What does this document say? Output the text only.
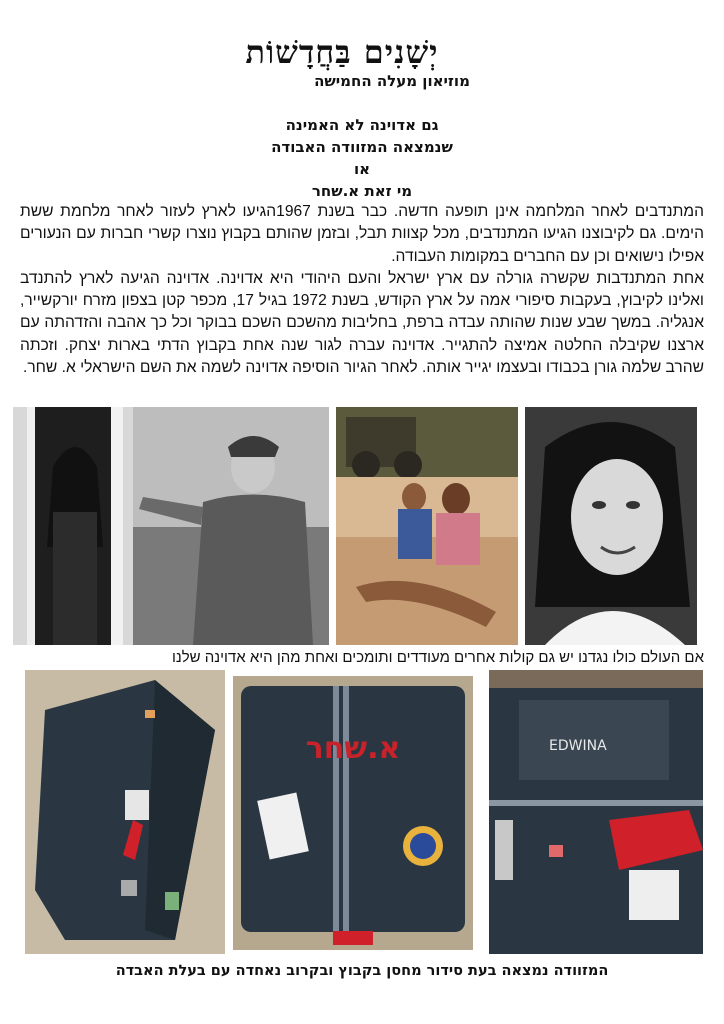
יְשָׁנִים בַּחֲדָשׁוֹת
מוזיאון מעלה החמישה
גם אדוינה לא האמינה
שנמצאה המזוודה האבודה
או
מי זאת א.שחר

המתנדבים לאחר המלחמה אינן תופעה חדשה. כבר בשנת 1967הגיעו לארץ לעזור לאחר מלחמת ששת הימים. גם לקיבוצנו הגיעו המתנדבים, מכל קצוות תבל, ובזמן שהותם בקבוץ נוצרו קשרי חברות עם הנעורים אפילו נישואים וכן עם החברים במקומות העבודה.

אחת המתנדבות שקשרה גורלה עם ארץ ישראל והעם היהודי היא אדוינה. אדוינה הגיעה לארץ להתנדב ואלינו לקיבוץ, בעקבות סיפורי אמה על ארץ הקודש, בשנת 1972 בגיל 17, מכפר קטן בצפון מזרח יורקשייר, אנגליה. במשך שבע שנות שהותה עבדה ברפת, בחליבות מהשכם השכם בבוקר וכל כך אהבה והזדהתה עם ארצנו שקיבלה החלטה אמיצה להתגייר. אדוינה עברה לגור שנה אחת בקבוץ הדתי בארות יצחק. וזכתה שהרב שלמה גורן בכבודו ובעצמו יגייר אותה. לאחר הגיור הוסיפה אדוינה לשמה את השם הישראלי א. שחר.

אם העולם כולו נגדנו יש גם קולות אחרים מעודדים ותומכים ואחת מהן היא אדוינה שלנו
א.שחר	EDWINA
המזוודה נמצאה בעת סידור מחסן בקבוץ ובקרוב נאחדה עם בעלת האבדה
